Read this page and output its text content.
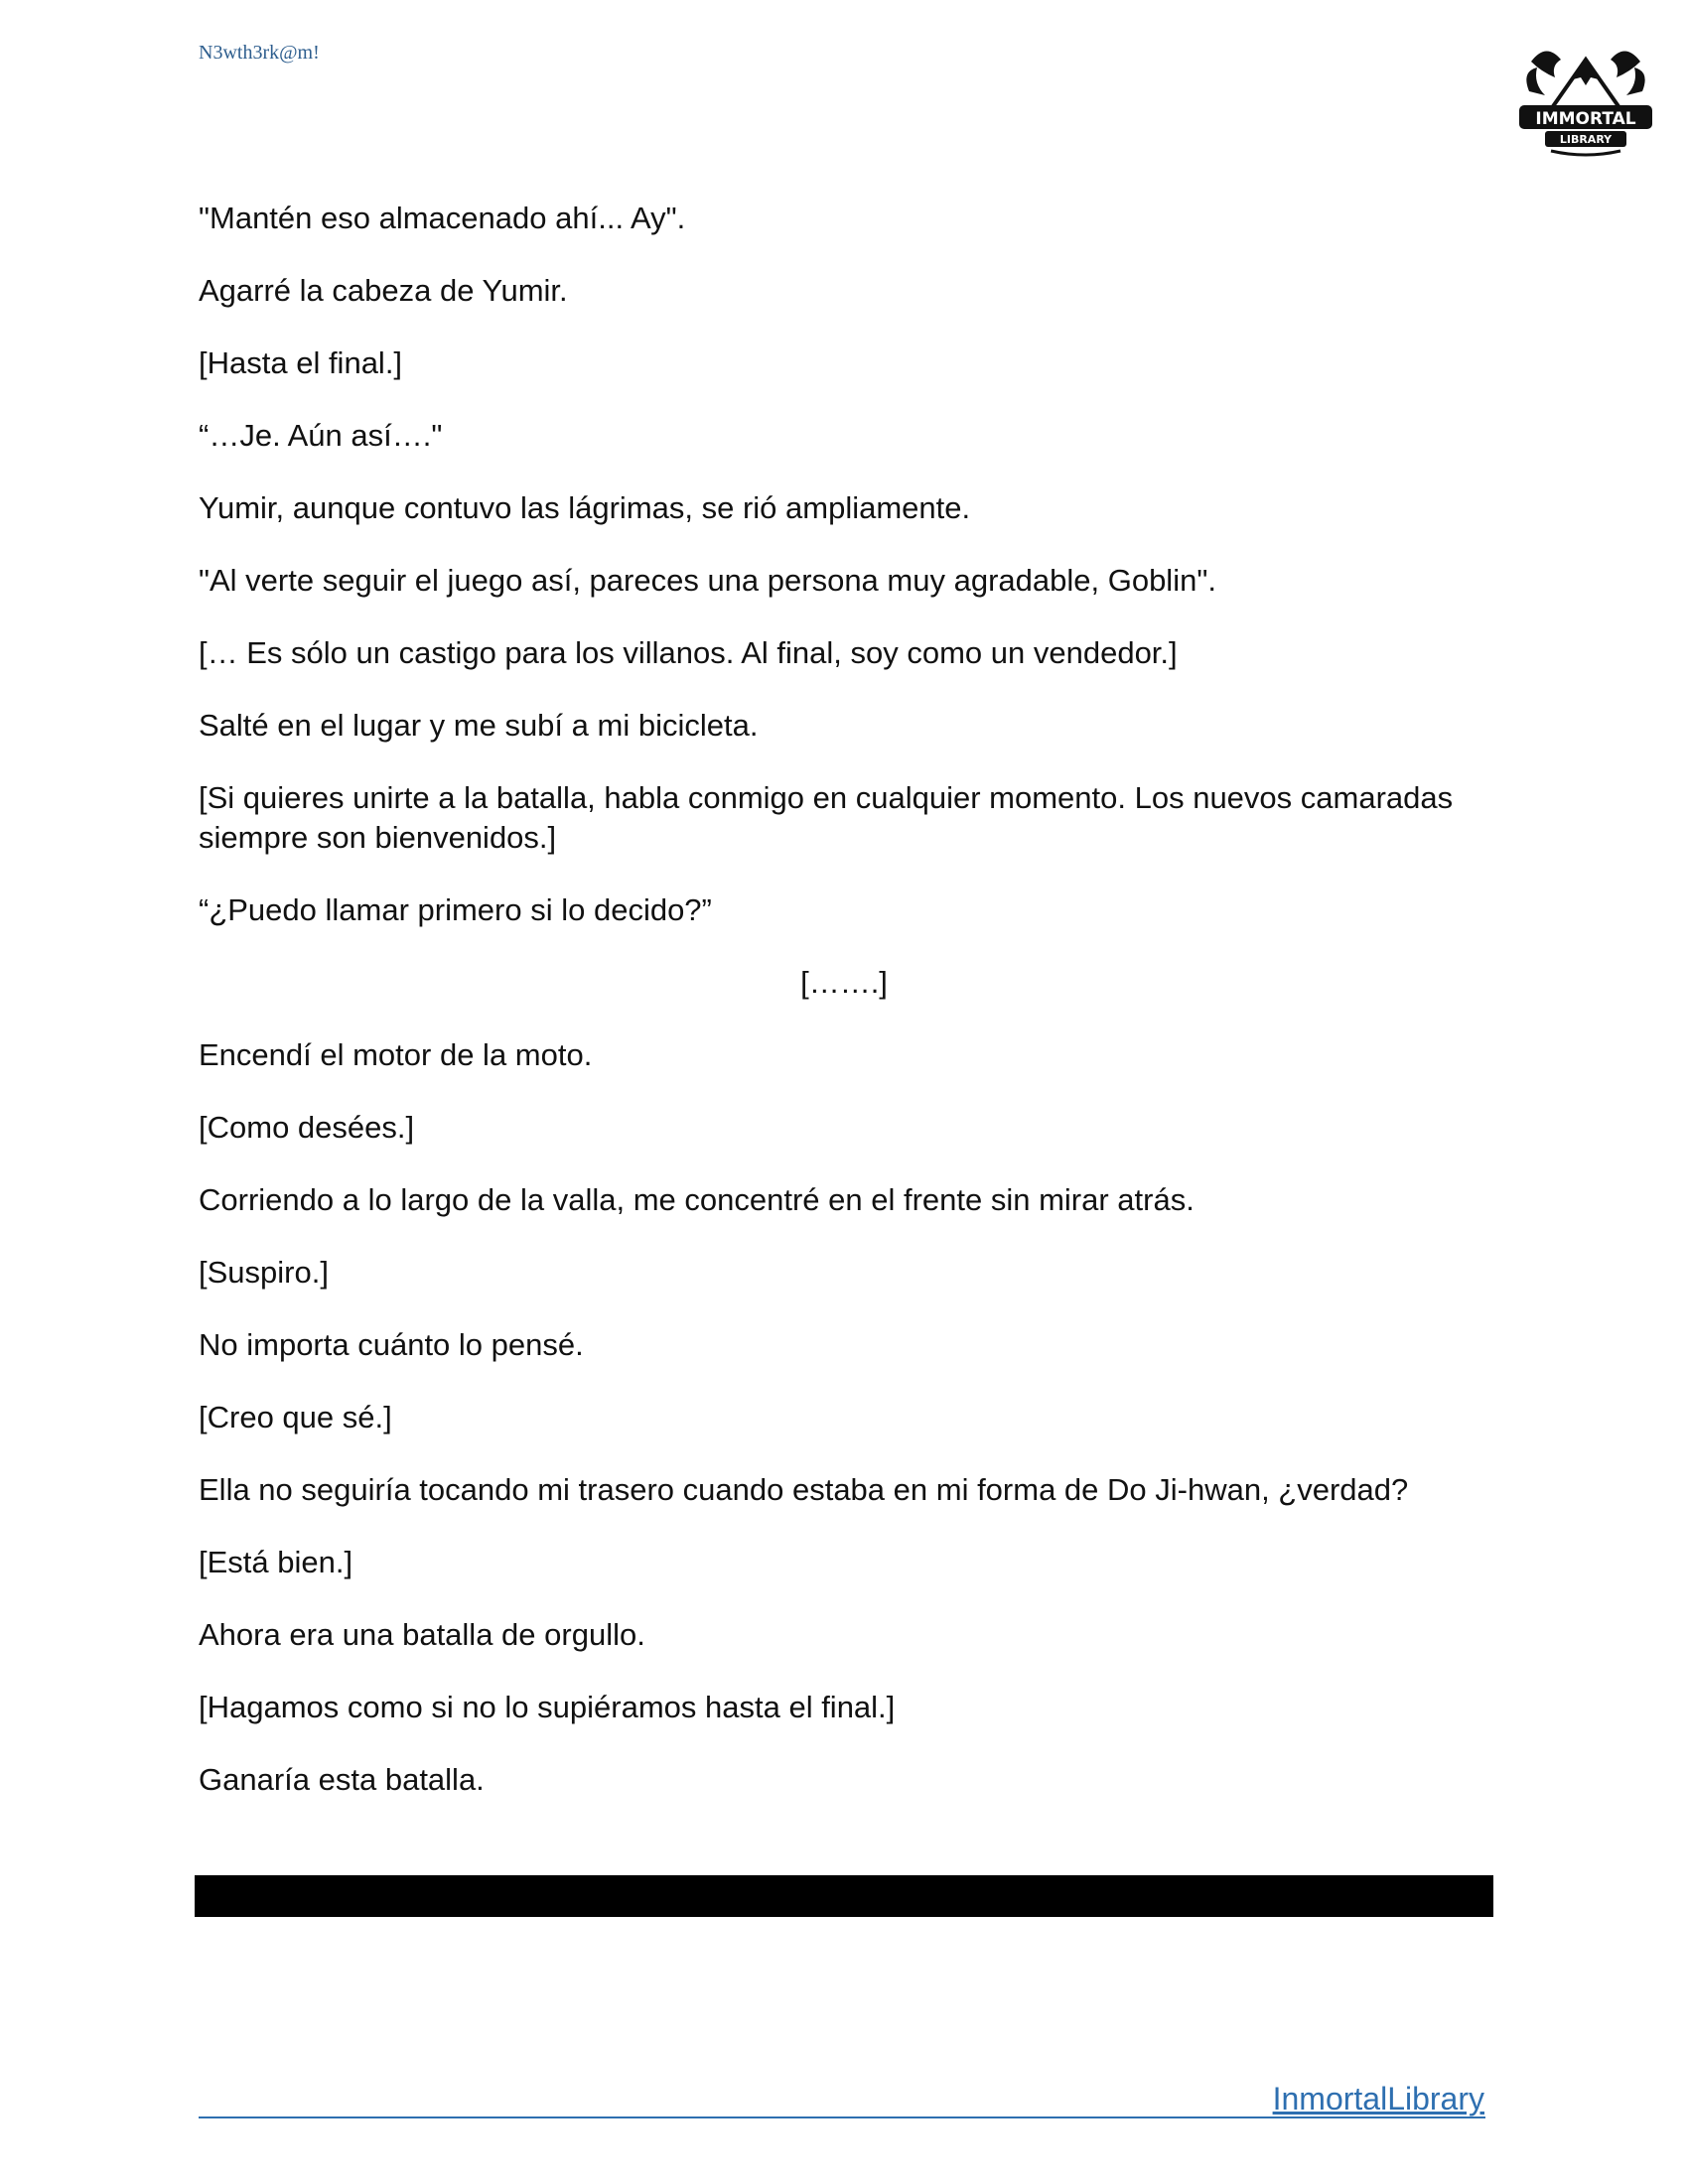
N3wth3rk@m!
IMMORTAL
LIBRARY

"Mantén eso almacenado ahí... Ay".

Agarré la cabeza de Yumir.

[Hasta el final.]

“…Je. Aún así…."

Yumir, aunque contuvo las lágrimas, se rió ampliamente.

"Al verte seguir el juego así, pareces una persona muy agradable, Goblin".

[… Es sólo un castigo para los villanos. Al final, soy como un vendedor.]

Salté en el lugar y me subí a mi bicicleta.

[Si quieres unirte a la batalla, habla conmigo en cualquier momento. Los nuevos camaradas siempre son bienvenidos.]

“¿Puedo llamar primero si lo decido?”

[…….]

Encendí el motor de la moto.

[Como desées.]

Corriendo a lo largo de la valla, me concentré en el frente sin mirar atrás.

[Suspiro.]

No importa cuánto lo pensé.

[Creo que sé.]

Ella no seguiría tocando mi trasero cuando estaba en mi forma de Do Ji-hwan, ¿verdad?

[Está bien.]

Ahora era una batalla de orgullo.

[Hagamos como si no lo supiéramos hasta el final.]

Ganaría esta batalla.

InmortalLibrary
